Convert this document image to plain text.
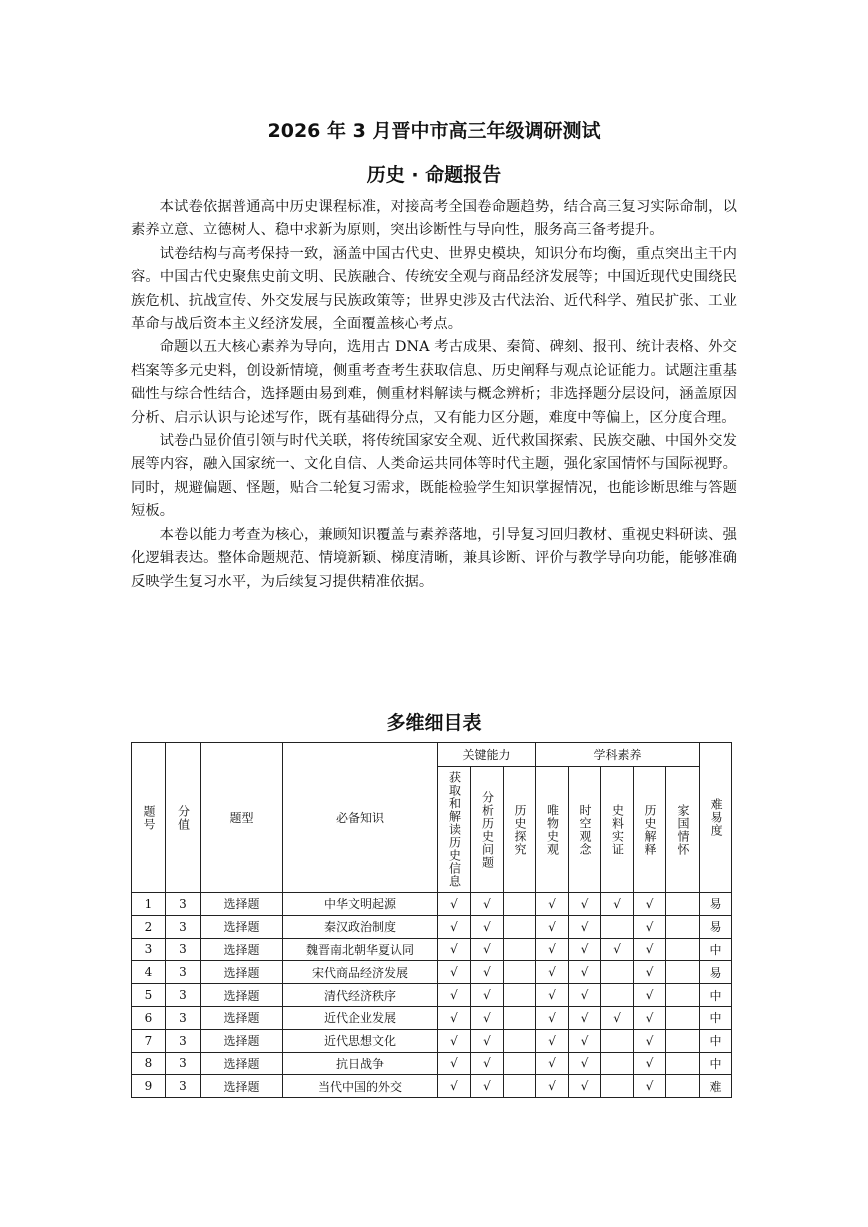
2026 年 3 月晋中市高三年级调研测试
历史 · 命题报告

本试卷依据普通高中历史课程标准，对接高考全国卷命题趋势，结合高三复习实际命制，以素养立意、立德树人、稳中求新为原则，突出诊断性与导向性，服务高三备考提升。

试卷结构与高考保持一致，涵盖中国古代史、世界史模块，知识分布均衡，重点突出主干内容。中国古代史聚焦史前文明、民族融合、传统安全观与商品经济发展等；中国近现代史围绕民族危机、抗战宣传、外交发展与民族政策等；世界史涉及古代法治、近代科学、殖民扩张、工业革命与战后资本主义经济发展，全面覆盖核心考点。

命题以五大核心素养为导向，选用古 DNA 考古成果、秦简、碑刻、报刊、统计表格、外交档案等多元史料，创设新情境，侧重考查考生获取信息、历史阐释与观点论证能力。试题注重基础性与综合性结合，选择题由易到难，侧重材料解读与概念辨析；非选择题分层设问，涵盖原因分析、启示认识与论述写作，既有基础得分点，又有能力区分题，难度中等偏上，区分度合理。

试卷凸显价值引领与时代关联，将传统国家安全观、近代救国探索、民族交融、中国外交发展等内容，融入国家统一、文化自信、人类命运共同体等时代主题，强化家国情怀与国际视野。同时，规避偏题、怪题，贴合二轮复习需求，既能检验学生知识掌握情况，也能诊断思维与答题短板。

本卷以能力考查为核心，兼顾知识覆盖与素养落地，引导复习回归教材、重视史料研读、强化逻辑表达。整体命题规范、情境新颖、梯度清晰，兼具诊断、评价与教学导向功能，能够准确反映学生复习水平，为后续复习提供精准依据。

多维细目表
题号	分值	题型	必备知识	关键能力			学科素养					难易度

				获取和解读历史信息	分析历史问题	历史探究	唯物史观	时空观念	史料实证	历史解释	家国情怀	

1	3	选择题	中华文明起源	√	√		√	√	√	√		易
2	3	选择题	秦汉政治制度	√	√		√	√		√		易
3	3	选择题	魏晋南北朝华夏认同	√	√		√	√	√	√		中
4	3	选择题	宋代商品经济发展	√	√		√	√		√		易
5	3	选择题	清代经济秩序	√	√		√	√		√		中
6	3	选择题	近代企业发展	√	√		√	√	√	√		中
7	3	选择题	近代思想文化	√	√		√	√		√		中
8	3	选择题	抗日战争	√	√		√	√		√		中
9	3	选择题	当代中国的外交	√	√		√	√		√		难
